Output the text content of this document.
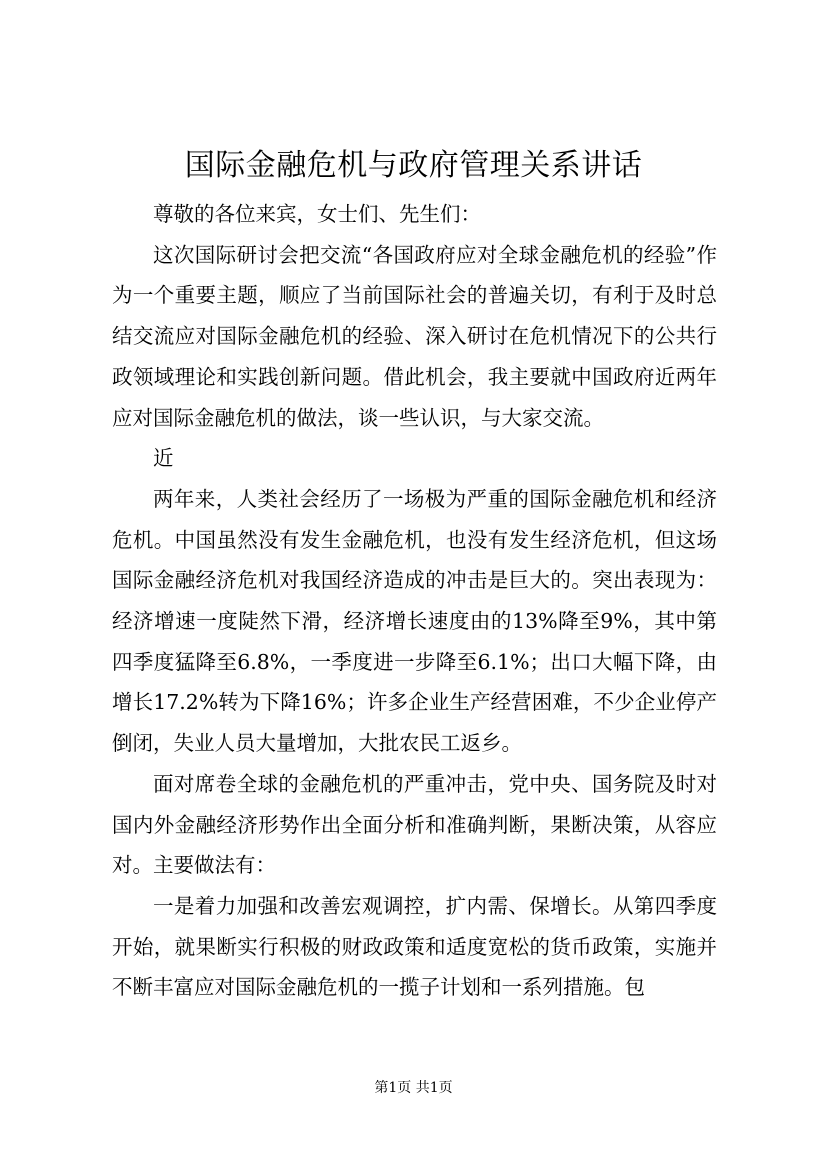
国际金融危机与政府管理关系讲话

尊敬的各位来宾，女士们、先生们：

这次国际研讨会把交流“各国政府应对全球金融危机的经验”作为一个重要主题，顺应了当前国际社会的普遍关切，有利于及时总结交流应对国际金融危机的经验、深入研讨在危机情况下的公共行政领域理论和实践创新问题。借此机会，我主要就中国政府近两年应对国际金融危机的做法，谈一些认识，与大家交流。

近

两年来，人类社会经历了一场极为严重的国际金融危机和经济危机。中国虽然没有发生金融危机，也没有发生经济危机，但这场国际金融经济危机对我国经济造成的冲击是巨大的。突出表现为：经济增速一度陡然下滑，经济增长速度由的13%降至9%，其中第四季度猛降至6.8%，一季度进一步降至6.1%；出口大幅下降，由增长17.2%转为下降16%；许多企业生产经营困难，不少企业停产倒闭，失业人员大量增加，大批农民工返乡。

面对席卷全球的金融危机的严重冲击，党中央、国务院及时对国内外金融经济形势作出全面分析和准确判断，果断决策，从容应对。主要做法有：

一是着力加强和改善宏观调控，扩内需、保增长。从第四季度开始，就果断实行积极的财政政策和适度宽松的货币政策，实施并不断丰富应对国际金融危机的一揽子计划和一系列措施。包

第1页 共1页
